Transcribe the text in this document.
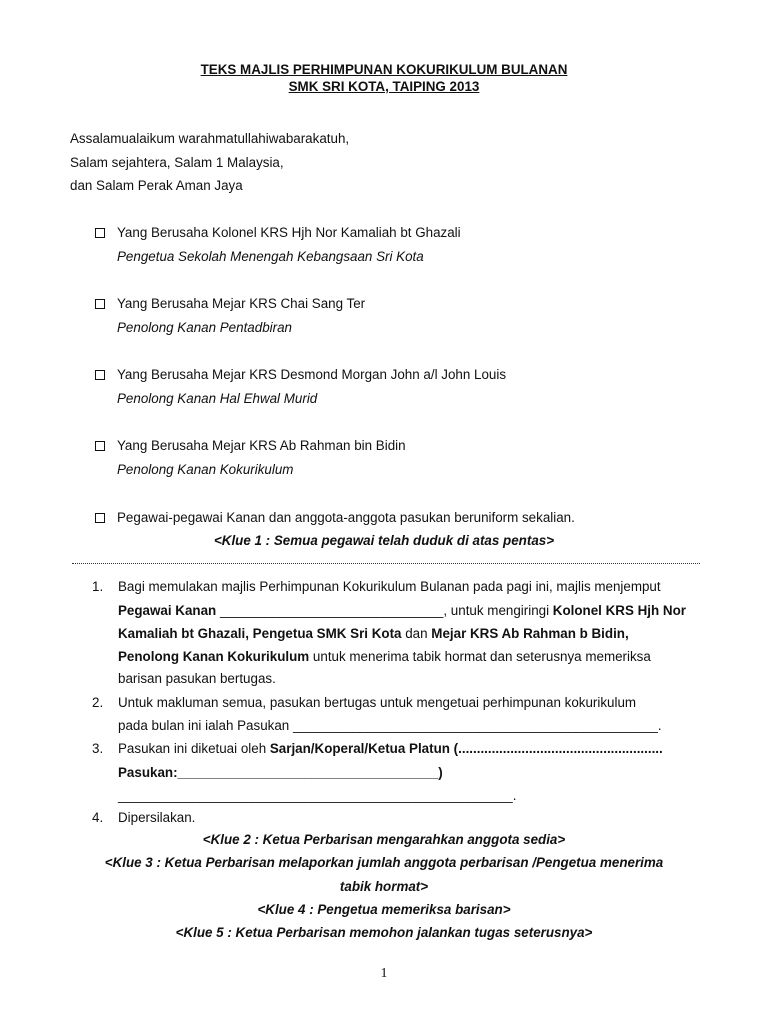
TEKS MAJLIS PERHIMPUNAN KOKURIKULUM BULANAN
SMK SRI KOTA, TAIPING 2013
Assalamualaikum warahmatullahiwabarakatuh,
Salam sejahtera, Salam 1 Malaysia,
dan Salam Perak Aman Jaya
Yang Berusaha Kolonel KRS Hjh Nor Kamaliah bt Ghazali
Pengetua Sekolah Menengah Kebangsaan Sri Kota
Yang Berusaha Mejar KRS Chai Sang Ter
Penolong Kanan Pentadbiran
Yang Berusaha Mejar KRS Desmond Morgan John a/l John Louis
Penolong Kanan Hal Ehwal Murid
Yang Berusaha Mejar KRS Ab Rahman bin Bidin
Penolong Kanan Kokurikulum
Pegawai-pegawai Kanan dan anggota-anggota pasukan beruniform sekalian.
<Klue 1 : Semua pegawai telah duduk di atas pentas>
1. Bagi memulakan majlis Perhimpunan Kokurikulum Bulanan pada pagi ini, majlis menjemput
Pegawai Kanan ______________________________, untuk mengiringi Kolonel KRS Hjh Nor
Kamaliah bt Ghazali, Pengetua SMK Sri Kota dan Mejar KRS Ab Rahman b Bidin,
Penolong Kanan Kokurikulum untuk menerima tabik hormat dan seterusnya memeriksa
barisan pasukan bertugas.
2. Untuk makluman semua, pasukan bertugas untuk mengetuai perhimpunan kokurikulum
pada bulan ini ialah Pasukan _________________________________________________.
3. Pasukan ini diketuai oleh Sarjan/Koperal/Ketua Platun (.......................................................
Pasukan:___________________________________)
_____________________________________________________.
4. Dipersilakan.
<Klue 2 : Ketua Perbarisan mengarahkan anggota sedia>
<Klue 3 : Ketua Perbarisan melaporkan jumlah anggota perbarisan /Pengetua menerima
tabik hormat>
<Klue 4 : Pengetua memeriksa barisan>
<Klue 5 : Ketua Perbarisan memohon jalankan tugas seterusnya>
1
